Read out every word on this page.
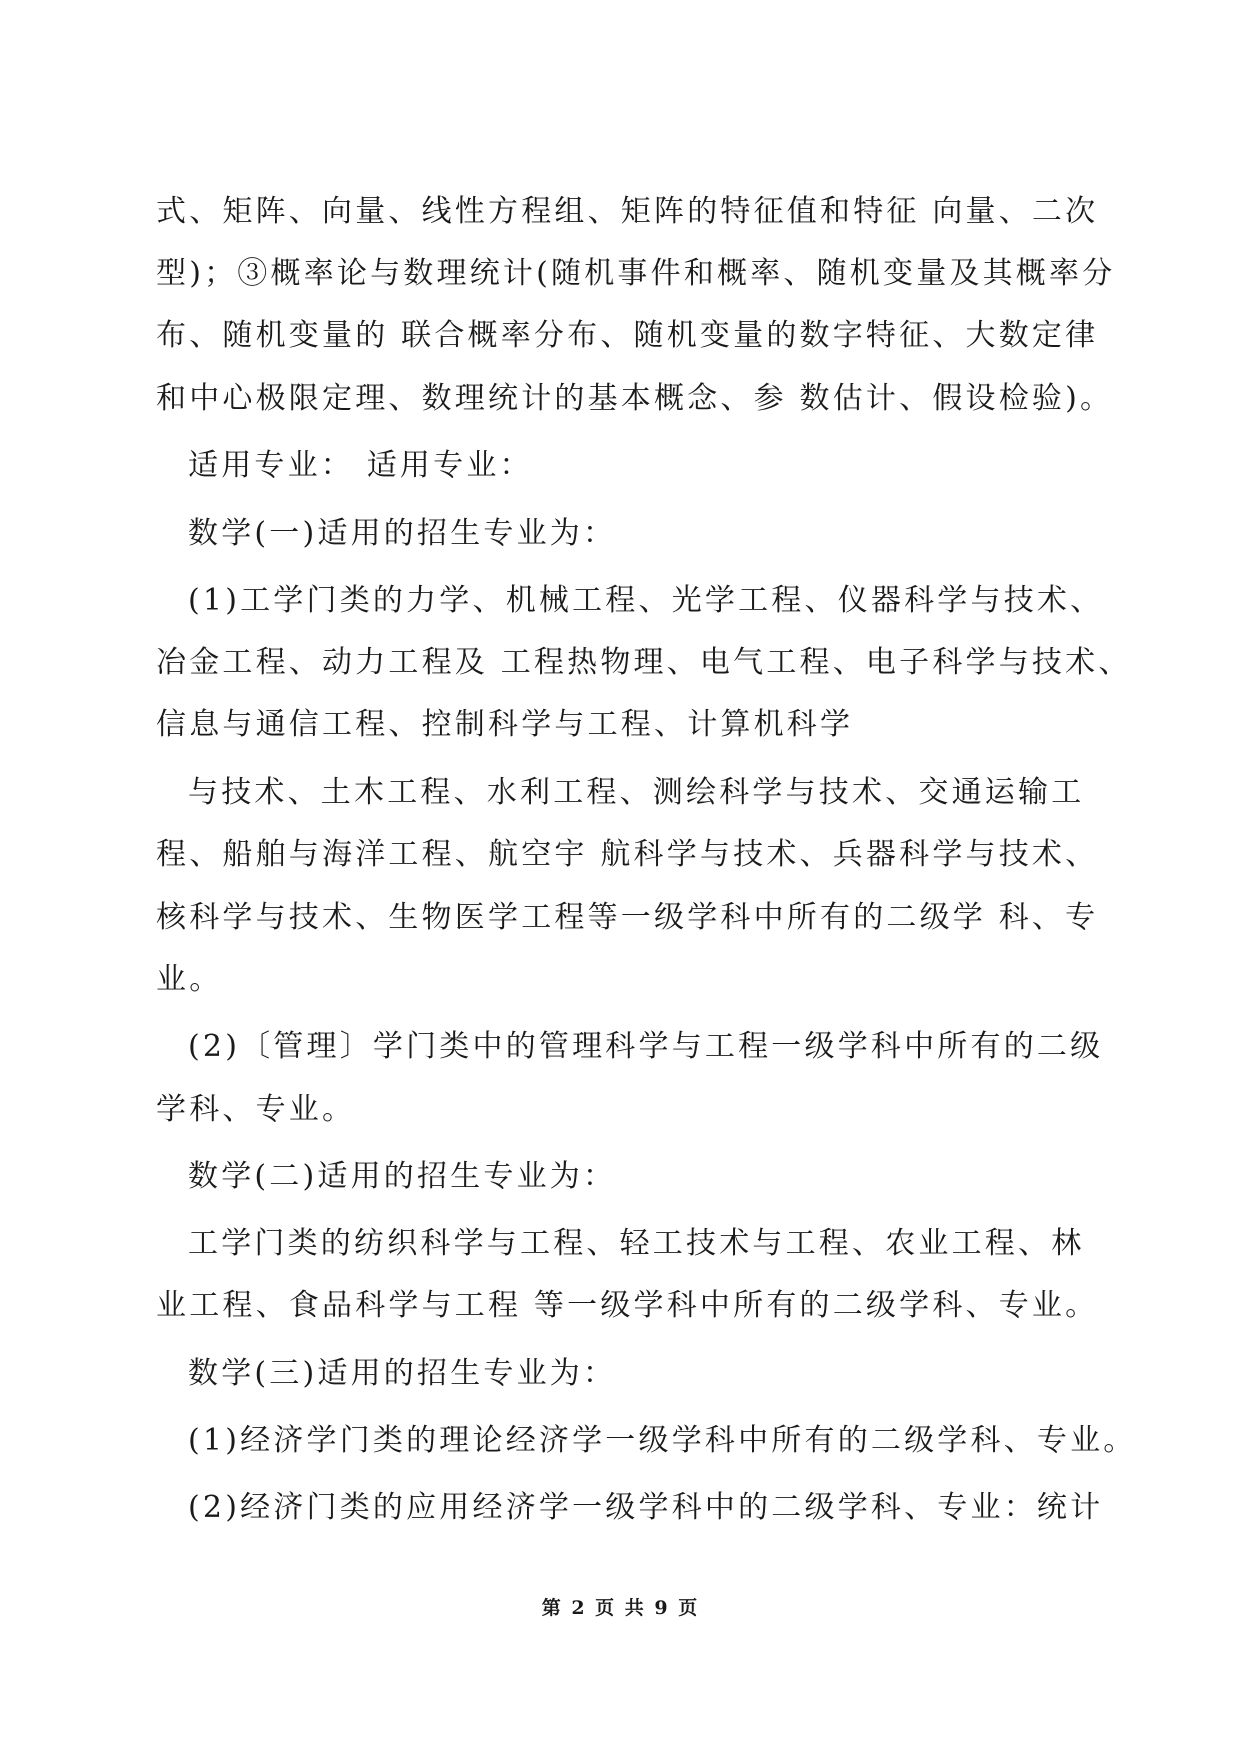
式、矩阵、向量、线性方程组、矩阵的特征值和特征 向量、二次
型)；③概率论与数理统计(随机事件和概率、随机变量及其概率分
布、随机变量的 联合概率分布、随机变量的数字特征、大数定律
和中心极限定理、数理统计的基本概念、参 数估计、假设检验)。
适用专业： 适用专业：
数学(一)适用的招生专业为：
(1)工学门类的力学、机械工程、光学工程、仪器科学与技术、
冶金工程、动力工程及 工程热物理、电气工程、电子科学与技术、
信息与通信工程、控制科学与工程、计算机科学
与技术、土木工程、水利工程、测绘科学与技术、交通运输工
程、船舶与海洋工程、航空宇 航科学与技术、兵器科学与技术、
核科学与技术、生物医学工程等一级学科中所有的二级学 科、专
业。
(2)〔管理〕学门类中的管理科学与工程一级学科中所有的二级
学科、专业。
数学(二)适用的招生专业为：
工学门类的纺织科学与工程、轻工技术与工程、农业工程、林
业工程、食品科学与工程 等一级学科中所有的二级学科、专业。
数学(三)适用的招生专业为：
(1)经济学门类的理论经济学一级学科中所有的二级学科、专业。
(2)经济门类的应用经济学一级学科中的二级学科、专业：统计
第 2 页 共 9 页
